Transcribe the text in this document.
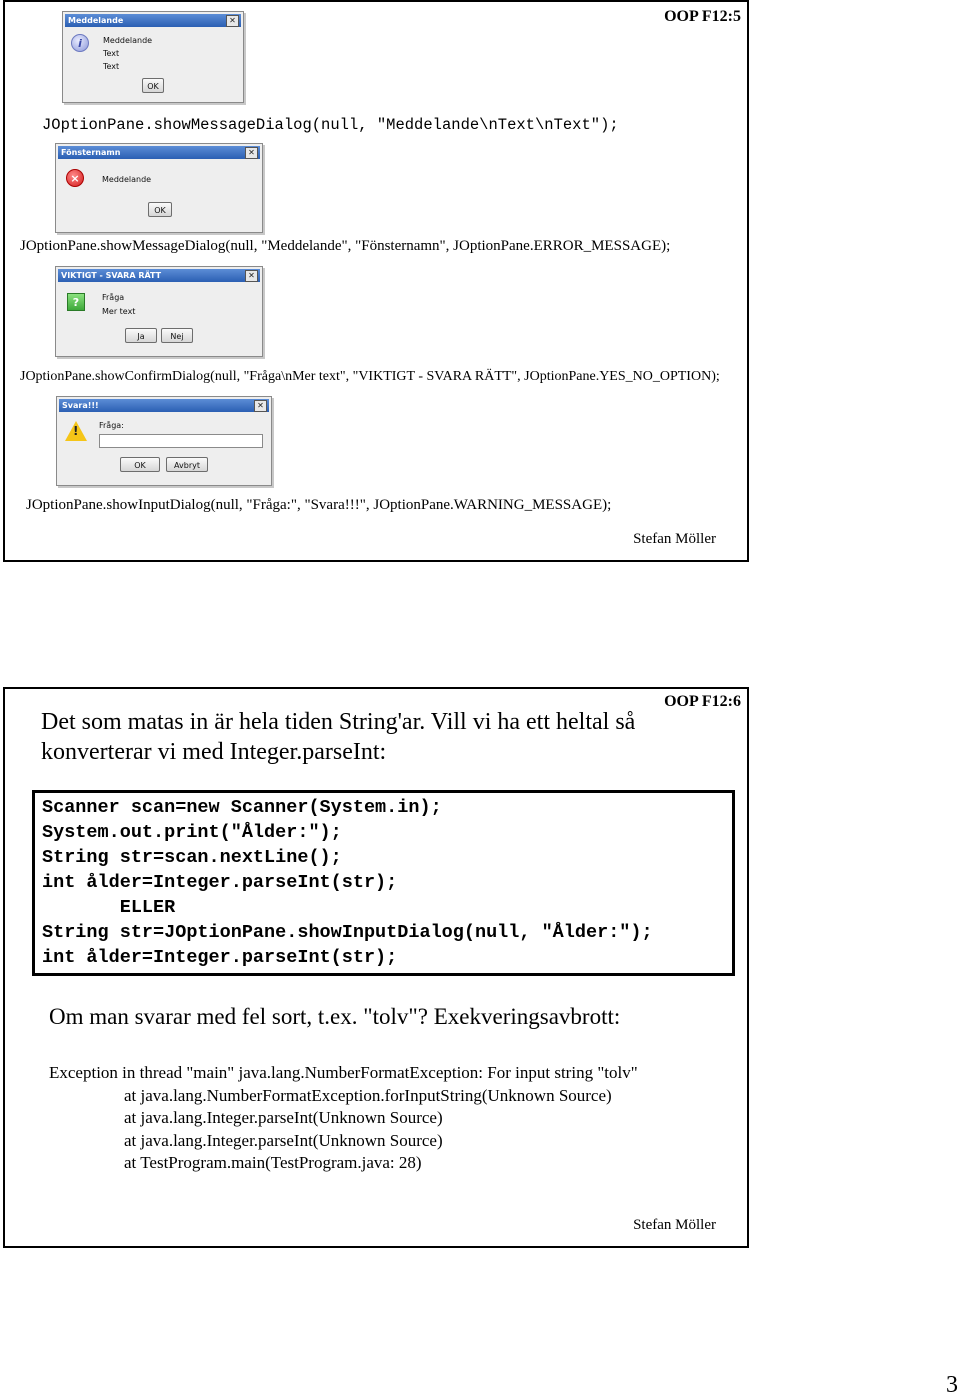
OOP F12:5
Meddelande	✕
i	Meddelande
Text
Text
OK
JOptionPane.showMessageDialog(null, "Meddelande\nText\nText");
Fönsternamn	✕
×	Meddelande
OK
JOptionPane.showMessageDialog(null, "Meddelande", "Fönsternamn", JOptionPane.ERROR_MESSAGE);
VIKTIGT - SVARA RÄTT	✕
?	Fråga
Mer text
Ja	Nej
JOptionPane.showConfirmDialog(null, "Fråga\nMer text", "VIKTIGT - SVARA RÄTT", JOptionPane.YES_NO_OPTION);
Svara!!!	✕
!	Fråga:
OK	Avbryt
JOptionPane.showInputDialog(null, "Fråga:", "Svara!!!", JOptionPane.WARNING_MESSAGE);
Stefan Möller
OOP F12:6
Det som matas in är hela tiden String'ar. Vill vi ha ett heltal så
konverterar vi med Integer.parseInt:
Scanner scan=new Scanner(System.in);
System.out.print("Ålder:");
String str=scan.nextLine();
int ålder=Integer.parseInt(str);
ELLER
String str=JOptionPane.showInputDialog(null, "Ålder:");
int ålder=Integer.parseInt(str);
Om man svarar med fel sort, t.ex. "tolv"? Exekveringsavbrott:
Exception in thread "main" java.lang.NumberFormatException: For input string "tolv"
at java.lang.NumberFormatException.forInputString(Unknown Source)
at java.lang.Integer.parseInt(Unknown Source)
at java.lang.Integer.parseInt(Unknown Source)
at TestProgram.main(TestProgram.java: 28)
Stefan Möller
3
